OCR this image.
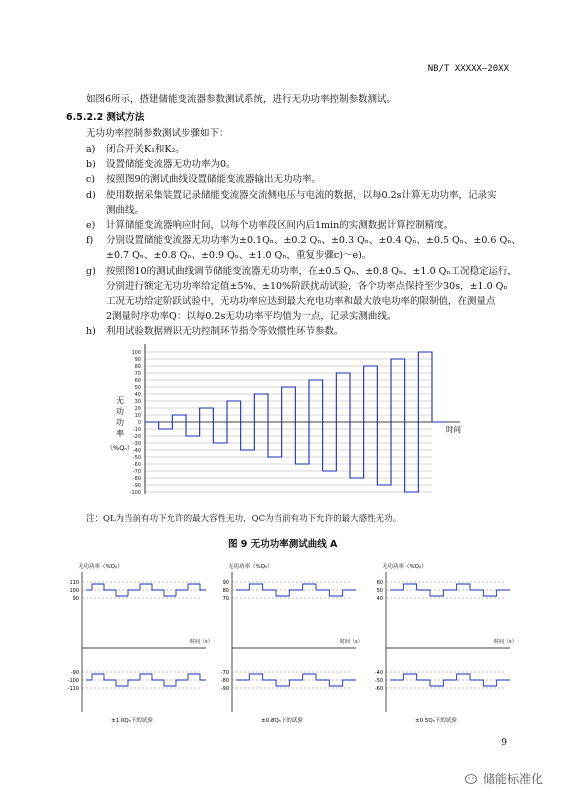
NB/T XXXXX—20XX
如图6所示，搭建储能变流器参数测试系统，进行无功功率控制参数测试。
6.5.2.2 测试方法
无功功率控制参数测试步骤如下：
a)	闭合开关K₁和K₂。
b)	设置储能变流器无功功率为0。
c)	按照图9的测试曲线设置储能变流器输出无功功率。
d)	使用数据采集装置记录储能变流器交流侧电压与电流的数据，以每0.2s计算无功功率，记录实
测曲线。
e)	计算储能变流器响应时间，以每个功率段区间内后1min的实测数据计算控制精度。
f)	分别设置储能变流器无功功率为±0.1Qₙ、±0.2 Qₙ、±0.3 Qₙ、±0.4 Qₙ、±0.5 Qₙ、±0.6 Qₙ、
±0.7 Qₙ、±0.8 Qₙ、±0.9 Qₙ、±1.0 Qₙ，重复步骤c)～e)。
g)	按照图10的测试曲线调节储能变流器无功功率，在±0.5 Qₙ、±0.8 Qₙ、±1.0 Qₙ工况稳定运行，
分别进行额定无功功率给定值±5%、±10%阶跃扰动试验，各个功率点保持至少30s，±1.0 Qₙ
工况无功给定阶跃试验中，无功功率应达到最大充电功率和最大放电功率的限制值，在测量点
2测量时序功率Q：以每0.2s无功功率平均值为一点，记录实测曲线。
h)	利用试验数据辨识无功控制环节指令等效惯性环节参数。
100
90
80
70
60
50
40
30
20
10
0
-10
-20
-30
-40
-50
-60
-70
-80
-90
-100
无
功
功
率
（%Qₙ）
时间
注：QL为当前有功下允许的最大容性无功，QC为当前有功下允许的最大感性无功。
图 9 无功功率测试曲线 A
无功功率（%Qₙ）
时间（s）
110
100
90
-90
-100
-110
±1.0Qₙ下的试验
无功功率（%Qₙ）
时间（s）
90
80
70
-70
-80
-90
±0.8Qₙ下的试验
无功功率（%Qₙ）
时间（s）
60
50
40
-40
-50
-60
±0.5Qₙ下的试验
9
储能标准化
